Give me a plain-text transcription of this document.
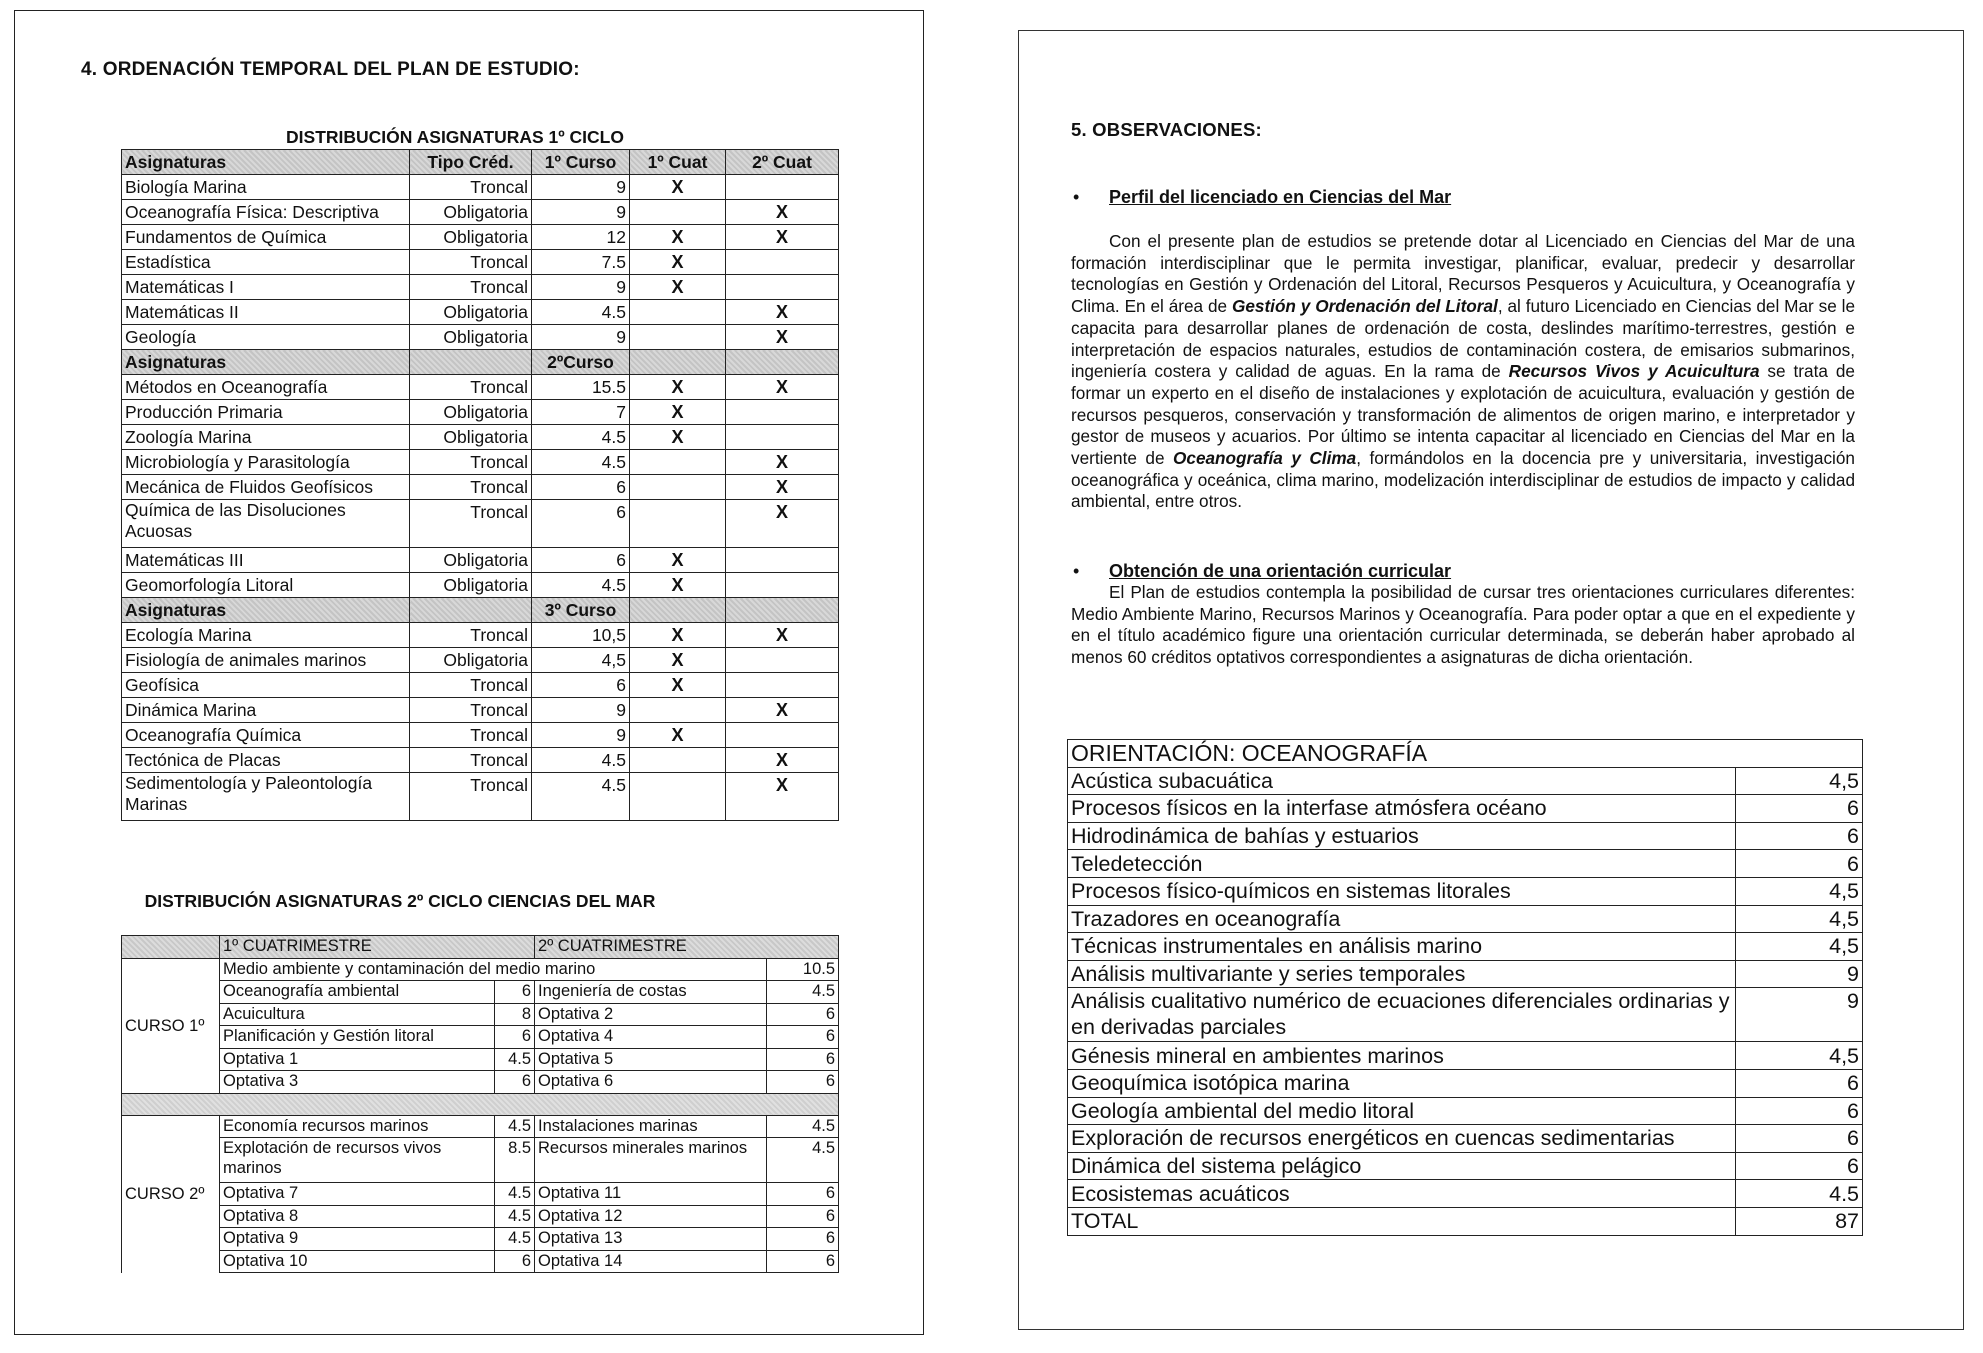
4. ORDENACIÓN TEMPORAL DEL PLAN DE ESTUDIO:
DISTRIBUCIÓN ASIGNATURAS 1º CICLO
Asignaturas	Tipo Créd.	1º Curso	1º Cuat	2º Cuat
Biología Marina	Troncal	9	X	
Oceanografía Física: Descriptiva	Obligatoria	9		X
Fundamentos de Química	Obligatoria	12	X	X
Estadística	Troncal	7.5	X	
Matemáticas I	Troncal	9	X	
Matemáticas II	Obligatoria	4.5		X
Geología	Obligatoria	9		X
Asignaturas		2ºCurso		
Métodos en Oceanografía	Troncal	15.5	X	X
Producción Primaria	Obligatoria	7	X	
Zoología Marina	Obligatoria	4.5	X	
Microbiología y Parasitología	Troncal	4.5		X
Mecánica de Fluidos Geofísicos	Troncal	6		X
Química de las Disoluciones Acuosas	Troncal	6		X
Matemáticas III	Obligatoria	6	X	
Geomorfología Litoral	Obligatoria	4.5	X	
Asignaturas		3º Curso		
Ecología Marina	Troncal	10,5	X	X
Fisiología de animales marinos	Obligatoria	4,5	X	
Geofísica	Troncal	6	X	
Dinámica Marina	Troncal	9		X
Oceanografía Química	Troncal	9	X	
Tectónica de Placas	Troncal	4.5		X
Sedimentología y Paleontología Marinas	Troncal	4.5		X
DISTRIBUCIÓN ASIGNATURAS 2º CICLO CIENCIAS DEL MAR
	1º CUATRIMESTRE		2º CUATRIMESTRE	
CURSO 1º	Medio ambiente y contaminación del medio marino			10.5
	Oceanografía ambiental	6	Ingeniería de costas	4.5
	Acuicultura	8	Optativa 2	6
	Planificación y Gestión litoral	6	Optativa 4	6
	Optativa 1	4.5	Optativa 5	6
	Optativa 3	6	Optativa 6	6

CURSO 2º	Economía recursos marinos	4.5	Instalaciones marinas	4.5
	Explotación de recursos vivos marinos	8.5	Recursos minerales marinos	4.5
	Optativa 7	4.5	Optativa 11	6
	Optativa 8	4.5	Optativa 12	6
	Optativa 9	4.5	Optativa 13	6
	Optativa 10	6	Optativa 14	6
5. OBSERVACIONES:
• Perfil del licenciado en Ciencias del Mar

Con el presente plan de estudios se pretende dotar al Licenciado en Ciencias del Mar de una formación interdisciplinar que le permita investigar, planificar, evaluar, predecir y desarrollar tecnologías en Gestión y Ordenación del Litoral, Recursos Pesqueros y Acuicultura, y Oceanografía y Clima. En el área de Gestión y Ordenación del Litoral, al futuro Licenciado en Ciencias del Mar se le capacita para desarrollar planes de ordenación de costa, deslindes marítimo-terrestres, gestión e interpretación de espacios naturales, estudios de contaminación costera, de emisarios submarinos, ingeniería costera y calidad de aguas. En la rama de Recursos Vivos y Acuicultura se trata de formar un experto en el diseño de instalaciones y explotación de acuicultura, evaluación y gestión de recursos pesqueros, conservación y transformación de alimentos de origen marino, e interpretador y gestor de museos y acuarios. Por último se intenta capacitar al licenciado en Ciencias del Mar en la vertiente de Oceanografía y Clima, formándolos en la docencia pre y universitaria, investigación oceanográfica y oceánica, clima marino, modelización interdisciplinar de estudios de impacto y calidad ambiental, entre otros.

• Obtención de una orientación curricular

El Plan de estudios contempla la posibilidad de cursar tres orientaciones curriculares diferentes: Medio Ambiente Marino, Recursos Marinos y Oceanografía. Para poder optar a que en el expediente y en el título académico figure una orientación curricular determinada, se deberán haber aprobado al menos 60 créditos optativos correspondientes a asignaturas de dicha orientación.

ORIENTACIÓN: OCEANOGRAFÍA	
Acústica subacuática	4,5
Procesos físicos en la interfase atmósfera océano	6
Hidrodinámica de bahías y estuarios	6
Teledetección	6
Procesos físico-químicos en sistemas litorales	4,5
Trazadores en oceanografía	4,5
Técnicas instrumentales en análisis marino	4,5
Análisis multivariante y series temporales	9
Análisis cualitativo numérico de ecuaciones diferenciales ordinarias y en derivadas parciales	9
Génesis mineral en ambientes marinos	4,5
Geoquímica isotópica marina	6
Geología ambiental del medio litoral	6
Exploración de recursos energéticos en cuencas sedimentarias	6
Dinámica del sistema pelágico	6
Ecosistemas acuáticos	4.5
TOTAL	87
